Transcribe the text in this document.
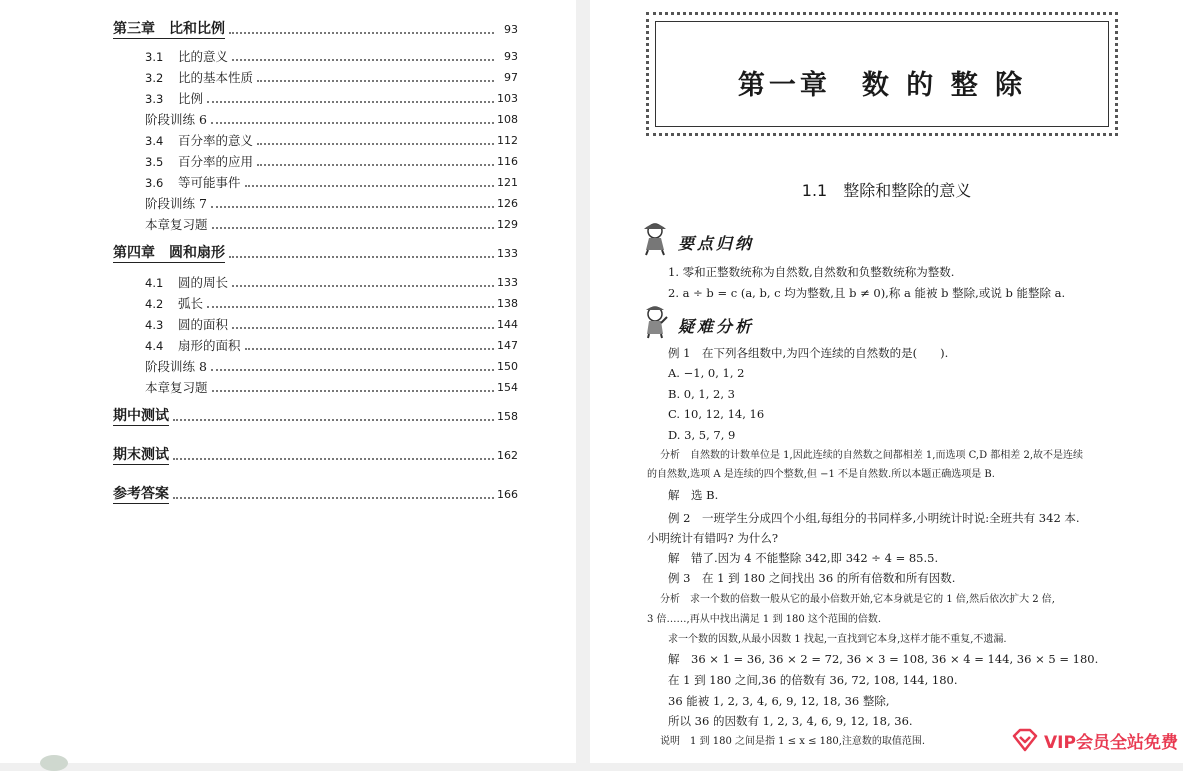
第三章　比和比例	93
3.1 比的意义	93
3.2 比的基本性质	97
3.3 比例	103
阶段训练 6	108
3.4 百分率的意义	112
3.5 百分率的应用	116
3.6 等可能事件	121
阶段训练 7	126
本章复习题	129
第四章　圆和扇形	133
4.1 圆的周长	133
4.2 弧长	138
4.3 圆的面积	144
4.4 扇形的面积	147
阶段训练 8	150
本章复习题	154
期中测试	158
期末测试	162
参考答案	166
第一章　数 的 整 除
1.1　整除和整除的意义
要点归纳
疑难分析
1. 零和正整数统称为自然数,自然数和负整数统称为整数.
2. a ÷ b = c (a, b, c 均为整数,且 b ≠ 0),称 a 能被 b 整除,或说 b 能整除 a.
例 1　在下列各组数中,为四个连续的自然数的是(　　).
A. −1, 0, 1, 2
B. 0, 1, 2, 3
C. 10, 12, 14, 16
D. 3, 5, 7, 9
分析　自然数的计数单位是 1,因此连续的自然数之间都相差 1,而选项 C,D 都相差 2,故不是连续
的自然数,选项 A 是连续的四个整数,但 −1 不是自然数.所以本题正确选项是 B.
解　选 B.
例 2　一班学生分成四个小组,每组分的书同样多,小明统计时说:全班共有 342 本.
小明统计有错吗? 为什么?
解　错了.因为 4 不能整除 342,即 342 ÷ 4 = 85.5.
例 3　在 1 到 180 之间找出 36 的所有倍数和所有因数.
分析　求一个数的倍数一般从它的最小倍数开始,它本身就是它的 1 倍,然后依次扩大 2 倍,
3 倍……,再从中找出满足 1 到 180 这个范围的倍数.
求一个数的因数,从最小因数 1 找起,一直找到它本身,这样才能不重复,不遗漏.
解　36 × 1 = 36, 36 × 2 = 72, 36 × 3 = 108, 36 × 4 = 144, 36 × 5 = 180.
在 1 到 180 之间,36 的倍数有 36, 72, 108, 144, 180.
36 能被 1, 2, 3, 4, 6, 9, 12, 18, 36 整除,
所以 36 的因数有 1, 2, 3, 4, 6, 9, 12, 18, 36.
说明　1 到 180 之间是指 1 ≤ x ≤ 180,注意数的取值范围.	VIP会员全站免费
